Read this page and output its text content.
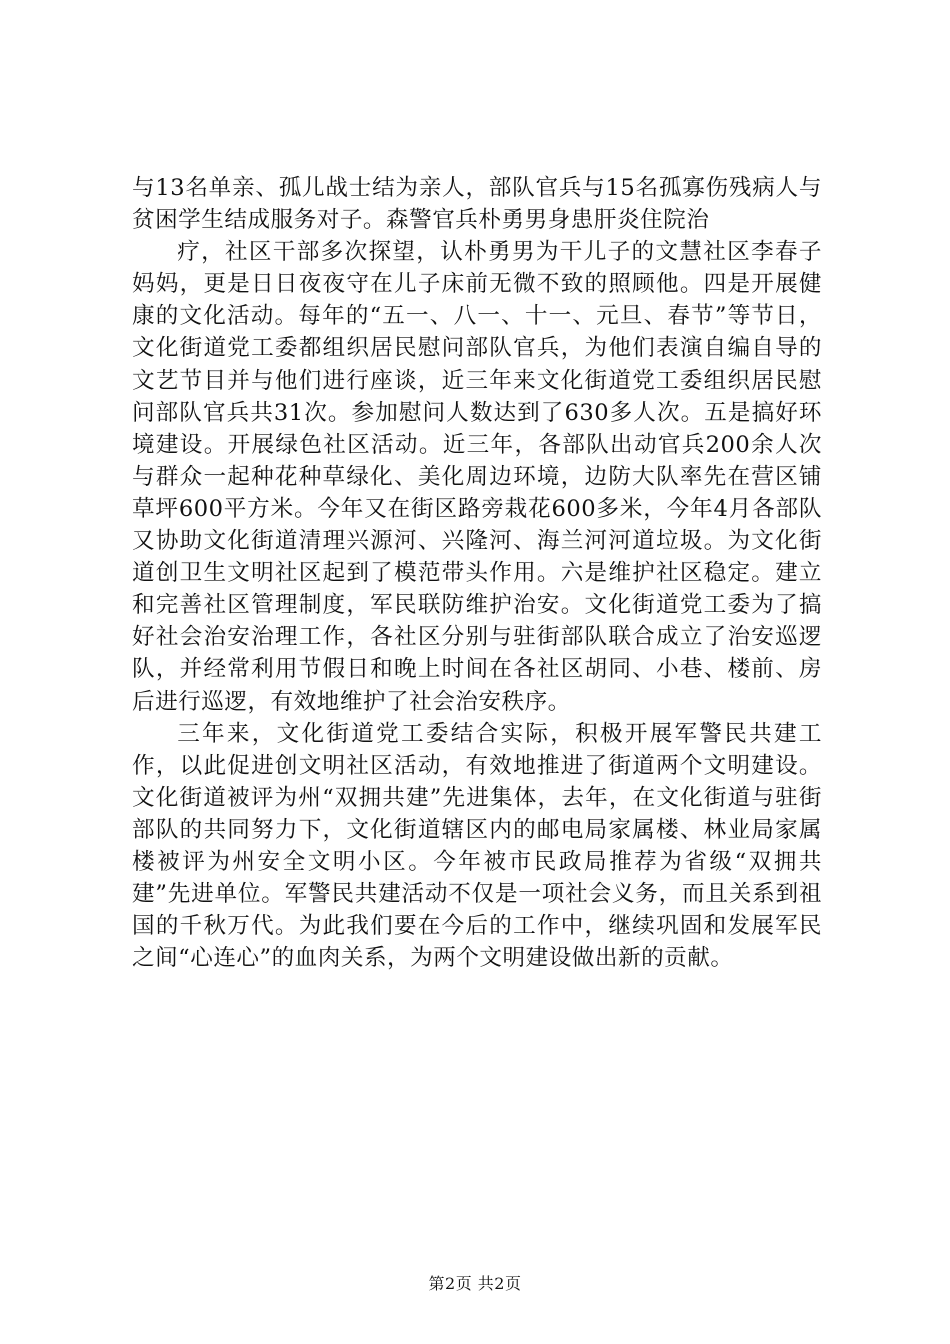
与13名单亲、孤儿战士结为亲人，部队官兵与15名孤寡伤残病人与贫困学生结成服务对子。森警官兵朴勇男身患肝炎住院治

疗，社区干部多次探望，认朴勇男为干儿子的文慧社区李春子妈妈，更是日日夜夜守在儿子床前无微不致的照顾他。四是开展健康的文化活动。每年的“五一、八一、十一、元旦、春节”等节日，文化街道党工委都组织居民慰问部队官兵，为他们表演自编自导的文艺节目并与他们进行座谈，近三年来文化街道党工委组织居民慰问部队官兵共31次。参加慰问人数达到了630多人次。五是搞好环境建设。开展绿色社区活动。近三年，各部队出动官兵200余人次与群众一起种花种草绿化、美化周边环境，边防大队率先在营区铺草坪600平方米。今年又在街区路旁栽花600多米，今年4月各部队又协助文化街道清理兴源河、兴隆河、海兰河河道垃圾。为文化街道创卫生文明社区起到了模范带头作用。六是维护社区稳定。建立和完善社区管理制度，军民联防维护治安。文化街道党工委为了搞好社会治安治理工作，各社区分别与驻街部队联合成立了治安巡逻队，并经常利用节假日和晚上时间在各社区胡同、小巷、楼前、房后进行巡逻，有效地维护了社会治安秩序。

三年来，文化街道党工委结合实际，积极开展军警民共建工作，以此促进创文明社区活动，有效地推进了街道两个文明建设。文化街道被评为州“双拥共建”先进集体，去年，在文化街道与驻街部队的共同努力下，文化街道辖区内的邮电局家属楼、林业局家属楼被评为州安全文明小区。今年被市民政局推荐为省级“双拥共建”先进单位。军警民共建活动不仅是一项社会义务，而且关系到祖国的千秋万代。为此我们要在今后的工作中，继续巩固和发展军民之间“心连心”的血肉关系，为两个文明建设做出新的贡献。

第2页 共2页
